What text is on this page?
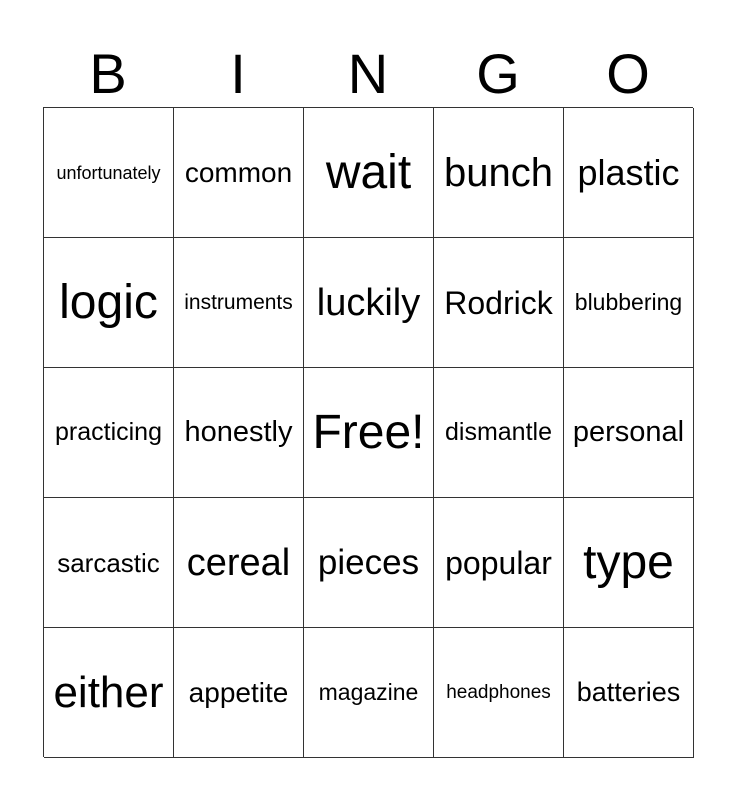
B	I	N	G	O
unfortunately common wait bunch plastic
logic	instruments luckily Rodrick blubbering
practicing honestly Free! dismantle personal
sarcastic cereal pieces popular type
either appetite	magazine	headphones batteries
